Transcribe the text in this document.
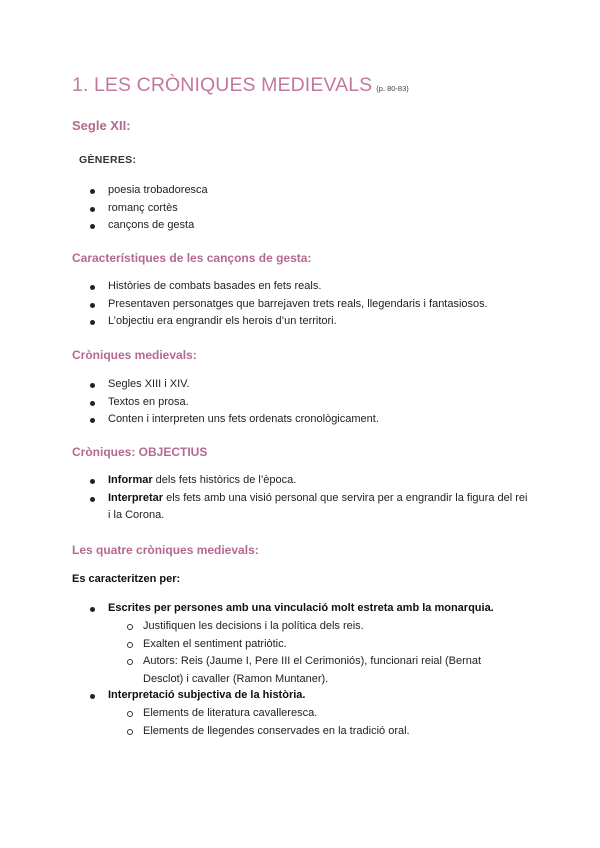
1. LES CRÒNIQUES MEDIEVALS (p. 80-83)
Segle XII:
GÈNERES:
poesia trobadoresca
romanç cortès
cançons de gesta
Característiques de les cançons de gesta:
Històries de combats basades en fets reals.
Presentaven personatges que barrejaven trets reals, llegendaris i fantasiosos.
L’objectiu era engrandir els herois d’un territori.
Cròniques medievals:
Segles XIII i XIV.
Textos en prosa.
Conten i interpreten uns fets ordenats cronològicament.
Cròniques: OBJECTIUS
Informar dels fets històrics de l’època.
Interpretar els fets amb una visió personal que servira per a engrandir la figura del rei i la Corona.
Les quatre cròniques medievals:
Es caracteritzen per:
Escrites per persones amb una vinculació molt estreta amb la monarquia.
Justifiquen les decisions i la política dels reis.
Exalten el sentiment patriòtic.
Autors: Reis (Jaume I, Pere III el Cerimoniós), funcionari reial (Bernat Desclot) i cavaller (Ramon Muntaner).
Interpretació subjectiva de la història.
Elements de literatura cavalleresca.
Elements de llegendes conservades en la tradició oral.
